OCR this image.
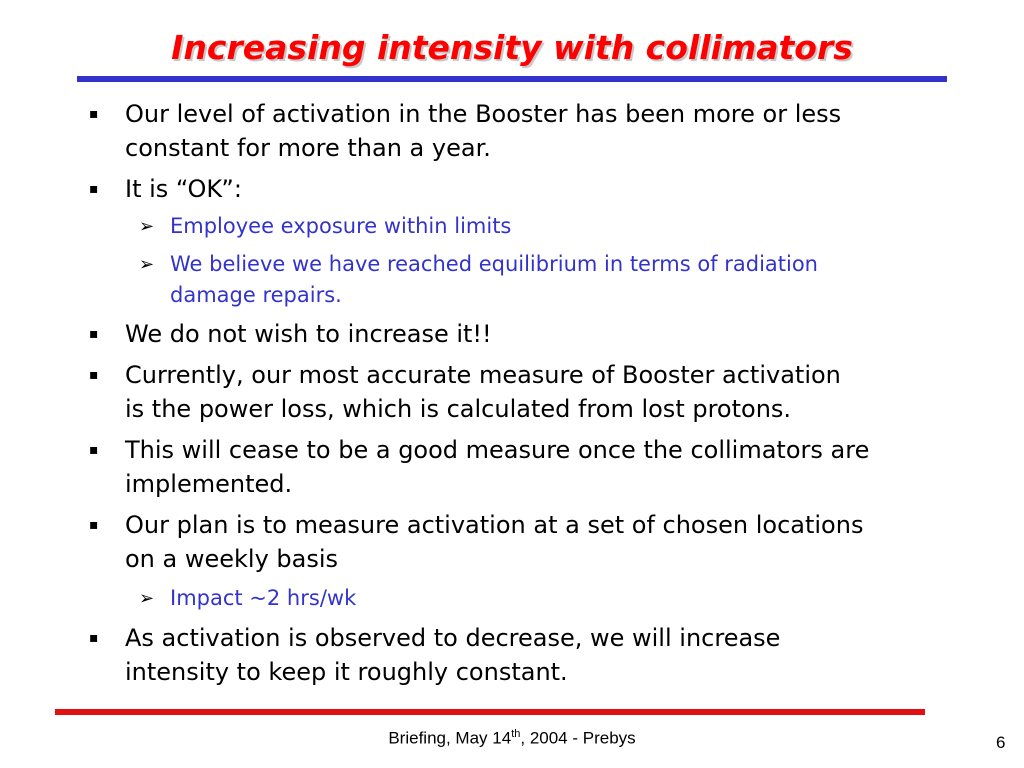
Increasing intensity with collimators
▪ Our level of activation in the Booster has been more or less
constant for more than a year.
▪ It is “OK”:
➢ Employee exposure within limits
➢ We believe we have reached equilibrium in terms of radiation
damage repairs.
▪ We do not wish to increase it!!
▪ Currently, our most accurate measure of Booster activation
is the power loss, which is calculated from lost protons.
▪ This will cease to be a good measure once the collimators are
implemented.
▪ Our plan is to measure activation at a set of chosen locations
on a weekly basis
➢ Impact ~2 hrs/wk
▪ As activation is observed to decrease, we will increase
intensity to keep it roughly constant.
Briefing, May 14th, 2004 - Prebys	6
